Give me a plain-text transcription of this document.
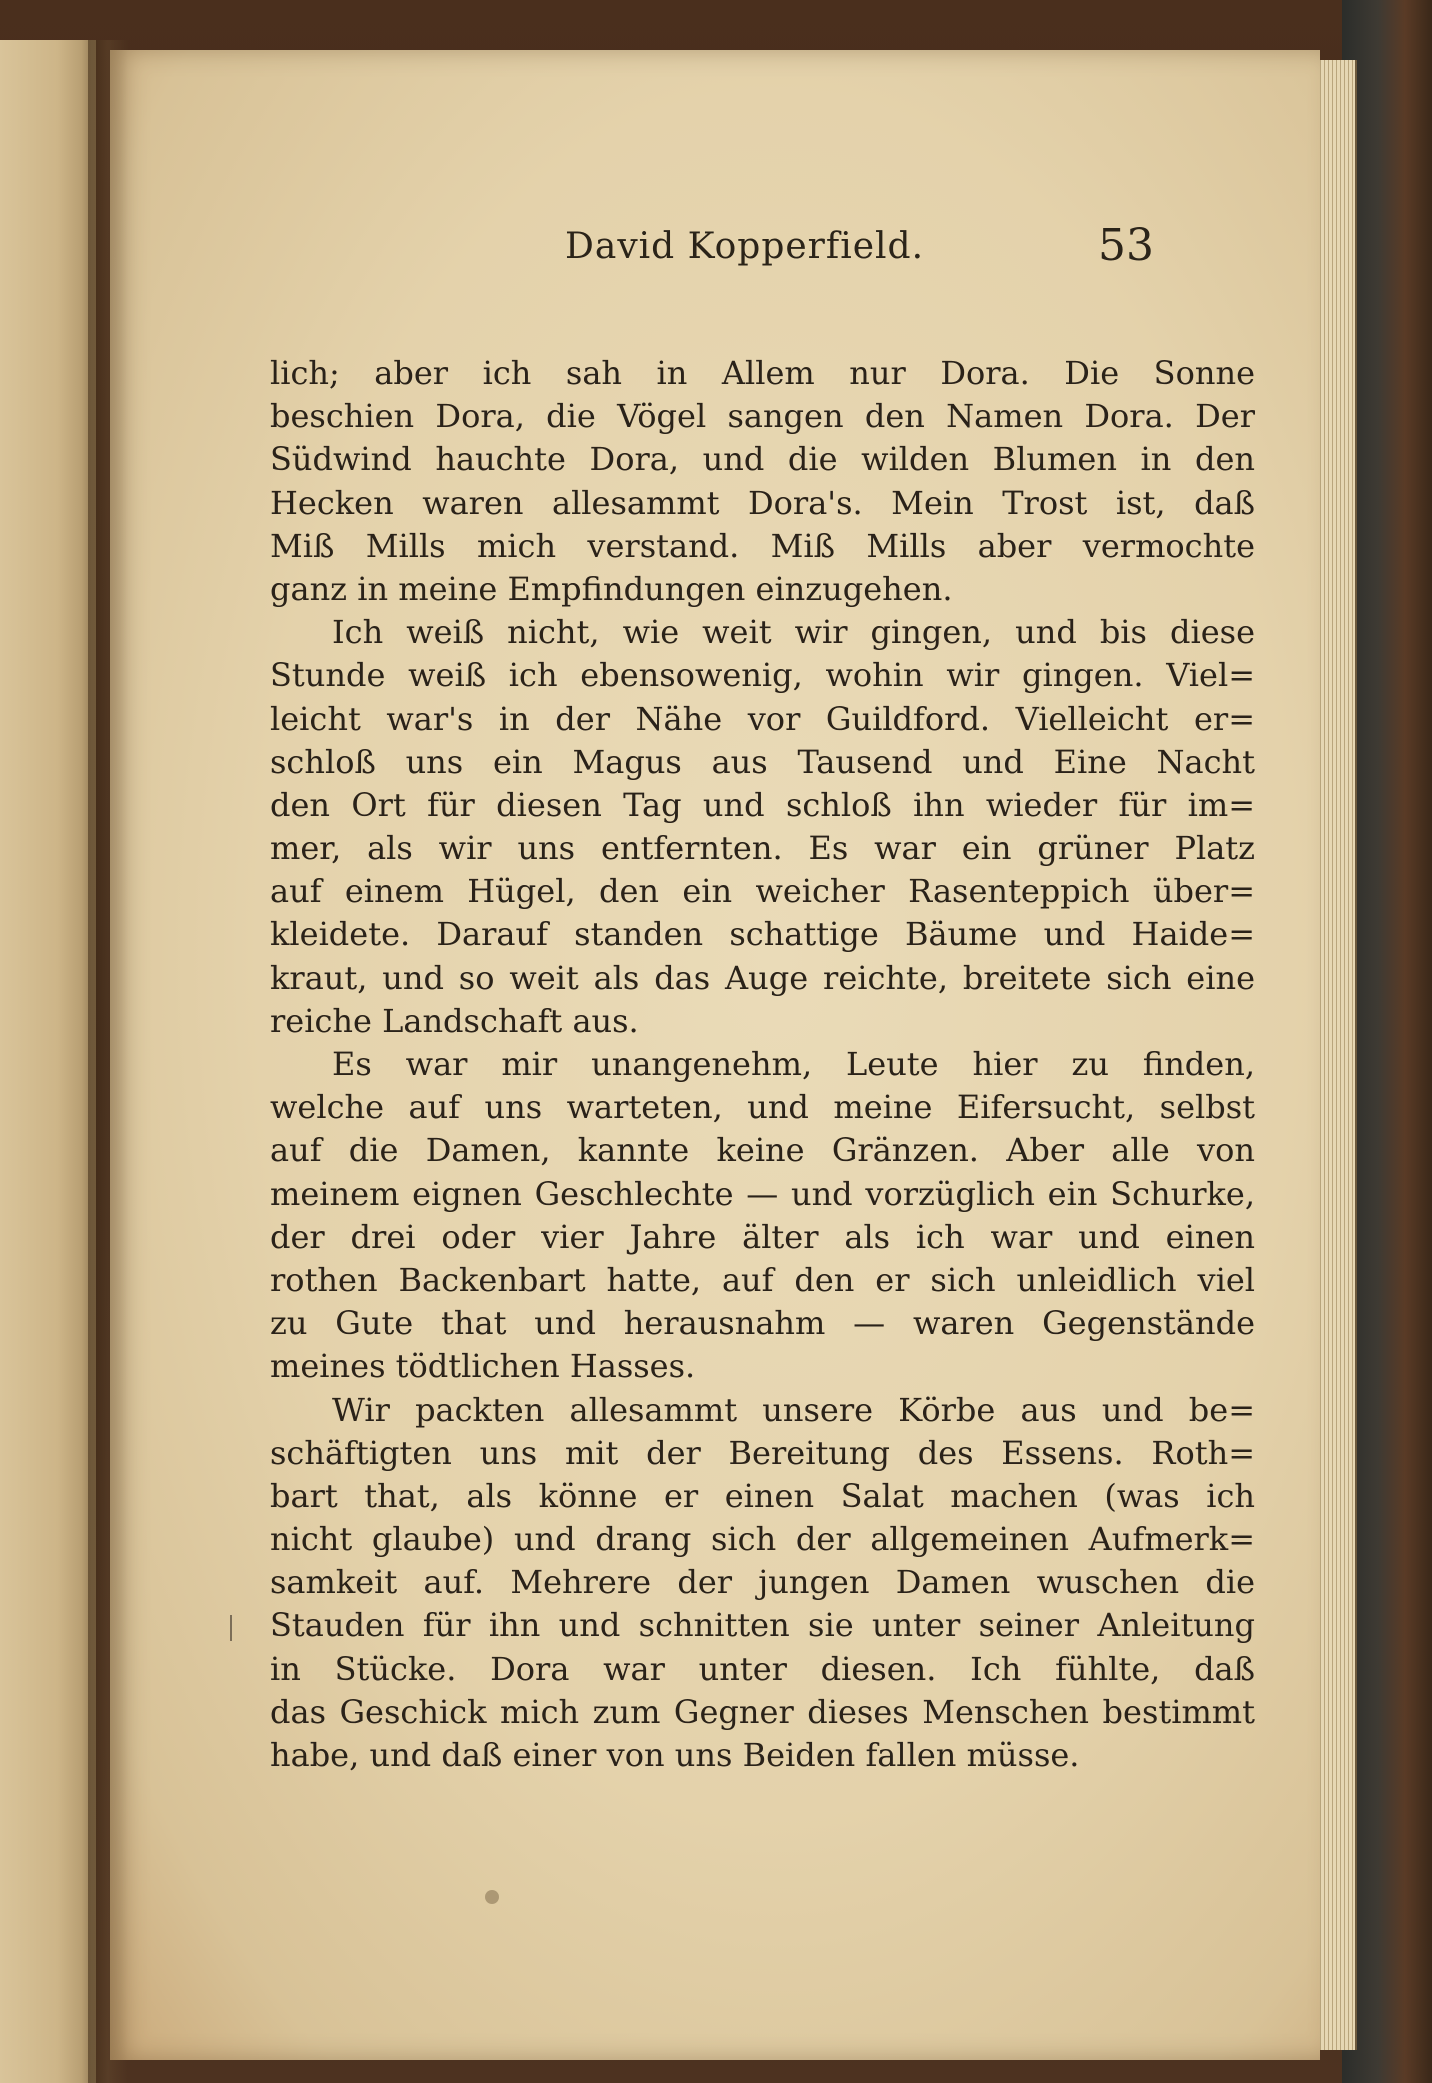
David Kopperfield.	53
lich; aber ich sah in Allem nur Dora. Die Sonne
beschien Dora, die Vögel sangen den Namen Dora. Der
Südwind hauchte Dora, und die wilden Blumen in den
Hecken waren allesammt Dora's. Mein Trost ist, daß
Miß Mills mich verstand. Miß Mills aber vermochte
ganz in meine Empfindungen einzugehen.
Ich weiß nicht, wie weit wir gingen, und bis diese
Stunde weiß ich ebensowenig, wohin wir gingen. Viel=
leicht war's in der Nähe vor Guildford. Vielleicht er=
schloß uns ein Magus aus Tausend und Eine Nacht
den Ort für diesen Tag und schloß ihn wieder für im=
mer, als wir uns entfernten. Es war ein grüner Platz
auf einem Hügel, den ein weicher Rasenteppich über=
kleidete. Darauf standen schattige Bäume und Haide=
kraut, und so weit als das Auge reichte, breitete sich eine
reiche Landschaft aus.
Es war mir unangenehm, Leute hier zu finden,
welche auf uns warteten, und meine Eifersucht, selbst
auf die Damen, kannte keine Gränzen. Aber alle von
meinem eignen Geschlechte — und vorzüglich ein Schurke,
der drei oder vier Jahre älter als ich war und einen
rothen Backenbart hatte, auf den er sich unleidlich viel
zu Gute that und herausnahm — waren Gegenstände
meines tödtlichen Hasses.
Wir packten allesammt unsere Körbe aus und be=
schäftigten uns mit der Bereitung des Essens. Roth=
bart that, als könne er einen Salat machen (was ich
nicht glaube) und drang sich der allgemeinen Aufmerk=
samkeit auf. Mehrere der jungen Damen wuschen die
Stauden für ihn und schnitten sie unter seiner Anleitung
in Stücke. Dora war unter diesen. Ich fühlte, daß
das Geschick mich zum Gegner dieses Menschen bestimmt
habe, und daß einer von uns Beiden fallen müsse.
